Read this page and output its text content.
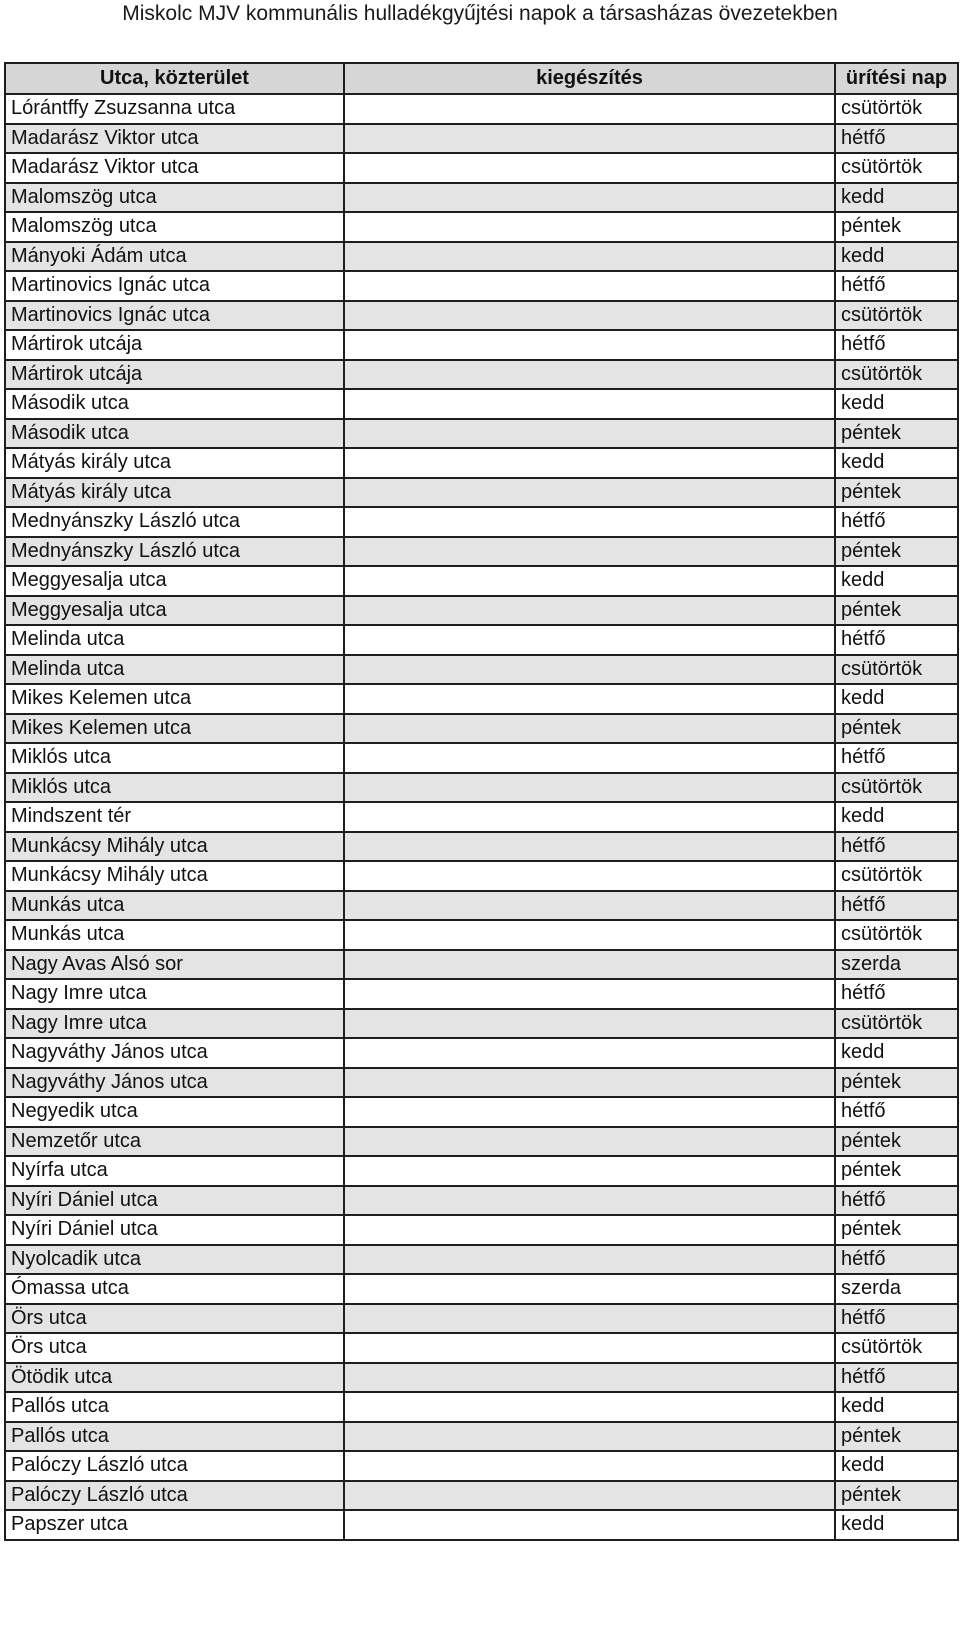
Miskolc MJV kommunális hulladékgyűjtési napok a társasházas övezetekben
Utca, közterület	kiegészítés	ürítési nap
Lórántffy Zsuzsanna utca		csütörtök
Madarász Viktor utca		hétfő
Madarász Viktor utca		csütörtök
Malomszög utca		kedd
Malomszög utca		péntek
Mányoki Ádám utca		kedd
Martinovics Ignác utca		hétfő
Martinovics Ignác utca		csütörtök
Mártirok utcája		hétfő
Mártirok utcája		csütörtök
Második utca		kedd
Második utca		péntek
Mátyás király utca		kedd
Mátyás király utca		péntek
Mednyánszky László utca		hétfő
Mednyánszky László utca		péntek
Meggyesalja utca		kedd
Meggyesalja utca		péntek
Melinda utca		hétfő
Melinda utca		csütörtök
Mikes Kelemen utca		kedd
Mikes Kelemen utca		péntek
Miklós utca		hétfő
Miklós utca		csütörtök
Mindszent tér		kedd
Munkácsy Mihály utca		hétfő
Munkácsy Mihály utca		csütörtök
Munkás utca		hétfő
Munkás utca		csütörtök
Nagy Avas Alsó sor		szerda
Nagy Imre utca		hétfő
Nagy Imre utca		csütörtök
Nagyváthy János utca		kedd
Nagyváthy János utca		péntek
Negyedik utca		hétfő
Nemzetőr utca		péntek
Nyírfa utca		péntek
Nyíri Dániel utca		hétfő
Nyíri Dániel utca		péntek
Nyolcadik utca		hétfő
Ómassa utca		szerda
Örs utca		hétfő
Örs utca		csütörtök
Ötödik utca		hétfő
Pallós utca		kedd
Pallós utca		péntek
Palóczy László utca		kedd
Palóczy László utca		péntek
Papszer utca		kedd
